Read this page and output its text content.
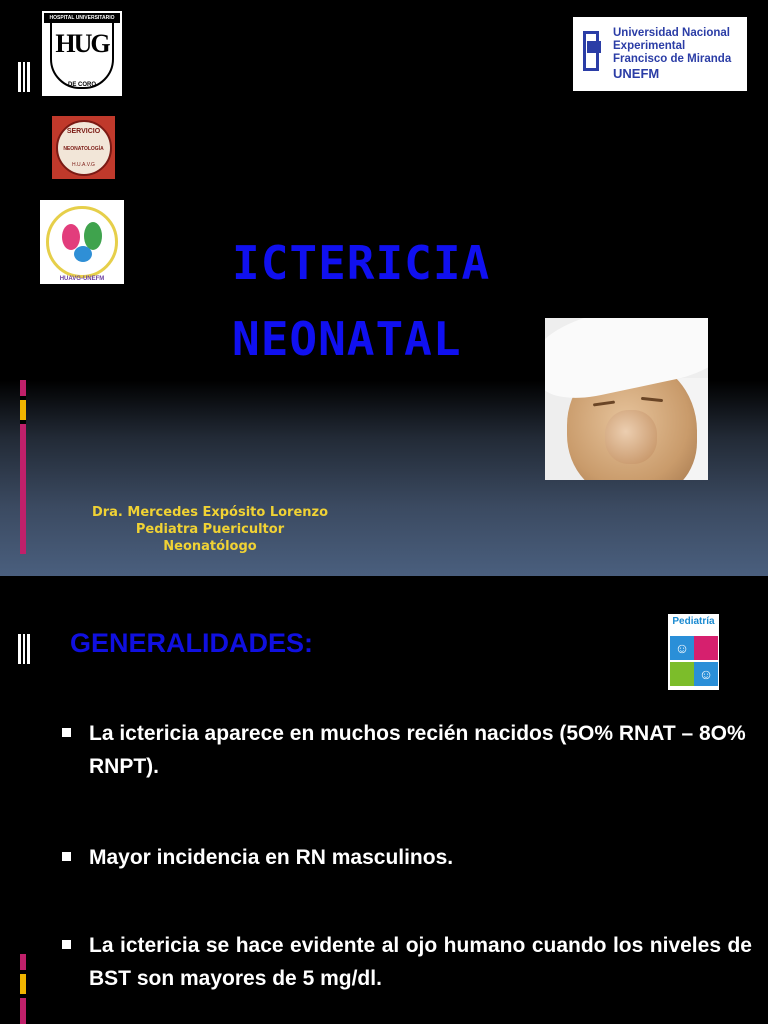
HOSPITAL UNIVERSITARIO
HUG
DE CORO
SERVICIO
NEONATOLOGÍA
H.U.A.V.G
HUAVG-UNEFM
Universidad Nacional
Experimental
Francisco de Miranda
UNEFM
ICTERICIA
NEONATAL
Dra. Mercedes Expósito Lorenzo
Pediatra Puericultor
Neonatólogo
GENERALIDADES:
Pediatría
☺
☺
La ictericia aparece en muchos recién nacidos (5O% RNAT – 8O% RNPT).
Mayor incidencia en RN masculinos.
La ictericia se hace evidente al ojo humano cuando los niveles de BST son mayores de 5 mg/dl.
